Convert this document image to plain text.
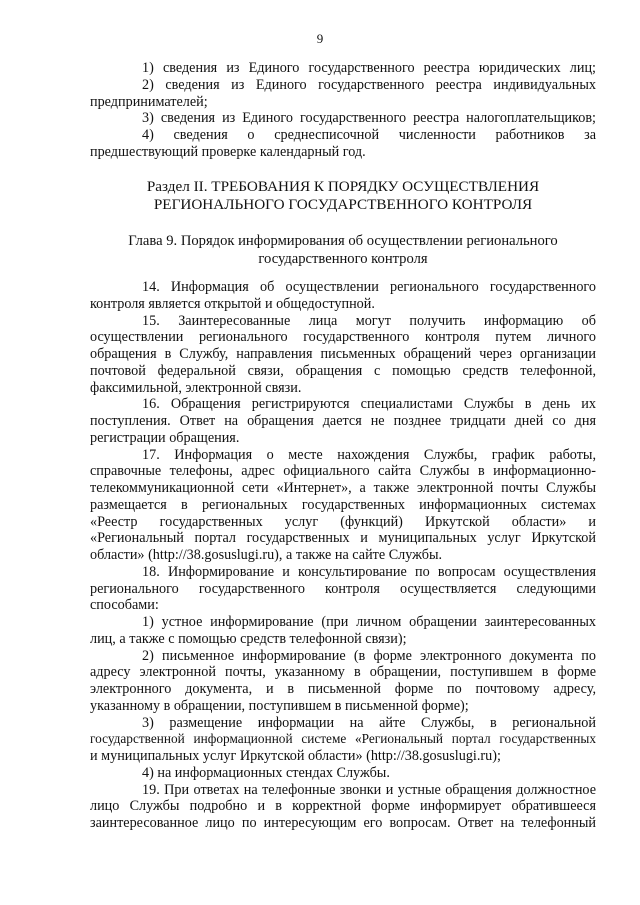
9
1) сведения из Единого государственного реестра юридических лиц;
2) сведения из Единого государственного реестра индивидуальных
предпринимателей;
3) сведения из Единого государственного реестра налогоплательщиков;
4) сведения о среднесписочной численности работников за
предшествующий проверке календарный год.
Раздел II. ТРЕБОВАНИЯ К ПОРЯДКУ ОСУЩЕСТВЛЕНИЯ
РЕГИОНАЛЬНОГО ГОСУДАРСТВЕННОГО КОНТРОЛЯ
Глава 9. Порядок информирования об осуществлении регионального
государственного контроля
14. Информация об осуществлении регионального государственного
контроля является открытой и общедоступной.
15. Заинтересованные лица могут получить информацию об
осуществлении регионального государственного контроля путем личного
обращения в Службу, направления письменных обращений через организации
почтовой федеральной связи, обращения с помощью средств телефонной,
факсимильной, электронной связи.
16. Обращения регистрируются специалистами Службы в день их
поступления. Ответ на обращения дается не позднее тридцати дней со дня
регистрации обращения.
17. Информация о месте нахождения Службы, график работы,
справочные телефоны, адрес официального сайта Службы в информационно-
телекоммуникационной сети «Интернет», а также электронной почты Службы
размещается в региональных государственных информационных системах
«Реестр государственных услуг (функций) Иркутской области» и
«Региональный портал государственных и муниципальных услуг Иркутской
области» (http://38.gosuslugi.ru), а также на сайте Службы.
18. Информирование и консультирование по вопросам осуществления
регионального государственного контроля осуществляется следующими
способами:
1) устное информирование (при личном обращении заинтересованных
лиц, а также с помощью средств телефонной связи);
2) письменное информирование (в форме электронного документа по
адресу электронной почты, указанному в обращении, поступившем в форме
электронного документа, и в письменной форме по почтовому адресу,
указанному в обращении, поступившем в письменной форме);
3) размещение информации на айте Службы, в региональной
государственной информационной системе «Региональный портал государственных
и муниципальных услуг Иркутской области» (http://38.gosuslugi.ru);
4) на информационных стендах Службы.
19. При ответах на телефонные звонки и устные обращения должностное
лицо Службы подробно и в корректной форме информирует обратившееся
заинтересованное лицо по интересующим его вопросам. Ответ на телефонный
